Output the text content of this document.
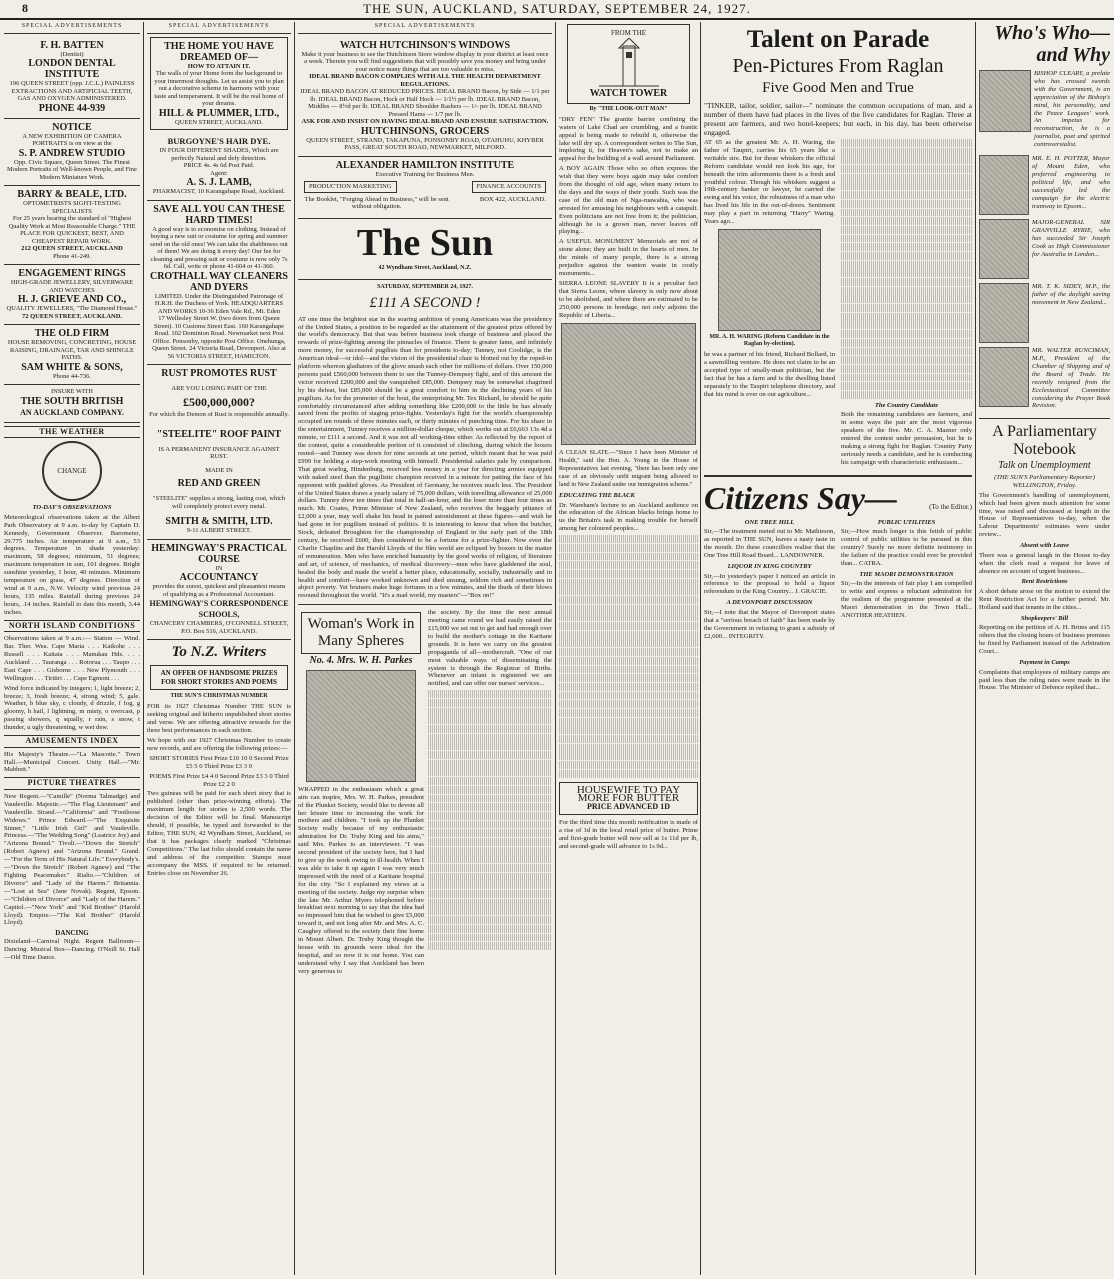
8	THE SUN, AUCKLAND, SATURDAY, SEPTEMBER 24, 1927.
SPECIAL ADVERTISEMENTS
F. H. BATTEN
(Dentist)
LONDON DENTAL INSTITUTE
196 QUEEN STREET (opp. J.C.L.) PAINLESS EXTRACTIONS AND ARTIFICIAL TEETH, GAS AND OXYGEN ADMINISTERED.
PHONE 44-939
NOTICE
A NEW EXHIBITION OF CAMERA PORTRAITS is on view at the
S. P. ANDREW STUDIO
Opp. Civic Square, Queen Street. The Finest Modern Portraits of Well-known People, and Fine Modern Miniature Work.
BARRY & BEALE, LTD.
OPTOMETRISTS SIGHT-TESTING SPECIALISTS
For 25 years bearing the standard of "Highest Quality Work at Most Reasonable Charge." THE PLACE FOR QUICKEST, BEST, AND CHEAPEST REPAIR WORK.
212 QUEEN STREET, AUCKLAND
Phone 41-249.
ENGAGEMENT RINGS
HIGH-GRADE JEWELLERY, SILVERWARE AND WATCHES
H. J. GRIEVE AND CO.,
QUALITY JEWELLERS, "The Diamond House."
72 QUEEN STREET, AUCKLAND.
THE OLD FIRM
HOUSE REMOVING, CONCRETING, HOUSE RAISING, DRAINAGE, TAR AND SHINGLE PATHS.
SAM WHITE & SONS,
Phone 44-736.
INSURE WITH
THE SOUTH BRITISH
AN AUCKLAND COMPANY.
THE WEATHER
CHANGE
TO-DAY'S OBSERVATIONS
Meteorological observations taken at the Albert Park Observatory at 9 a.m. to-day by Captain D. Kennedy, Government Observer. Barometer, 29.775 inches. Air temperature at 9 a.m., 53 degrees. Temperature in shade yesterday: maximum, 58 degrees; minimum, 51 degrees; maximum temperature in sun, 101 degrees. Bright sunshine yesterday, 1 hour, 40 minutes. Minimum temperature on grass, 47 degrees. Direction of wind at 9 a.m., N.W. Velocity wind previous 24 hours, 135 miles. Rainfall during previous 24 hours, .14 inches. Rainfall to date this month, 3.44 inches.
NORTH ISLAND CONDITIONS
Observations taken at 9 a.m.:— Station — Wind. Bar. Ther. Wea. Cape Maria . . . Kaikohe . . . Russell . . . Kaitaia . . . Manukau Hds. . . . Auckland . . . Tauranga . . . Rotorua . . . Taupo . . . East Cape . . . Gisborne . . . New Plymouth . . . Wellington . . . Tiritiri . . . Cape Egmont . . .
Wind force indicated by integers; 1, light breeze; 2, breeze; 3, fresh breeze; 4, strong wind; 5, gale. Weather, b blue sky, c cloudy, d drizzle, f fog, g gloomy, h hail, l lightning, m misty, o overcast, p passing showers, q squally, r rain, s snow, t thunder, u ugly threatening, w wet dew.
AMUSEMENTS INDEX
His Majesty's Theatre.—"La Mascotte." Town Hall.—Municipal Concert. Unity Hall.—"Mr. Mabbett."
PICTURE THEATRES
New Regent.—"Camille" (Norma Talmadge) and Vaudeville. Majestic.—"The Flag Lieutenant" and Vaudeville. Strand.—"California" and "Footloose Widows." Prince Edward.—"The Exquisite Sinner," "Little Irish Girl" and Vaudeville. Princess.—"The Wedding Song" (Leatrice Joy) and "Arizona Bound." Tivoli.—"Down the Stretch" (Robert Agnew) and "Arizona Bound." Grand.—"For the Term of His Natural Life." Everybody's.—"Down the Stretch" (Robert Agnew) and "The Fighting Peacemaker." Rialto.—"Children of Divorce" and "Lady of the Harem." Britannia.—"Lost at Sea" (Jane Novak). Regent, Epsom.—"Children of Divorce" and "Lady of the Harem." Capitol.—"New York" and "Kid Brother" (Harold Lloyd). Empire.—"The Kid Brother" (Harold Lloyd).
DANCING
Dixieland—Carnival Night. Regent Ballroom—Dancing. Musical Box—Dancing. O'Neill St. Hall—Old Time Dance.
SPECIAL ADVERTISEMENTS
THE HOME YOU HAVE DREAMED OF—
HOW TO ATTAIN IT.
The walls of your Home form the background to your innermost thoughts. Let us assist you to plan out a decorative scheme in harmony with your taste and temperament. It will be the real home of your dreams.
HILL & PLUMMER, LTD.,
QUEEN STREET, AUCKLAND.
BURGOYNE'S HAIR DYE.
IN FOUR DIFFERENT SHADES, Which are perfectly Natural and defy detection.
PRICE 4s. 4s 6d Post Paid.
Agent:
A. S. J. LAMB,
PHARMACIST, 10 Karangahape Road, Auckland.
SAVE ALL YOU CAN THESE HARD TIMES!
A good way is to economise on clothing. Instead of buying a new suit or costume for spring and summer send on the old ones! We can take the shabbiness out of them! We are doing it every day! Our fee for cleaning and pressing suit or costume is now only 7s 6d. Call, write or phone 41-604 or 41-360.
CROTHALL WAY CLEANERS AND DYERS
LIMITED. Under the Distinguished Patronage of H.R.H. the Duchess of York. HEADQUARTERS AND WORKS 10-36 Eden Vale Rd., Mt. Eden
17 Wellesley Street W. (two doors from Queen Street). 10 Customs Street East. 160 Karangahape Road. 102 Dominion Road. Newmarket next Post Office. Ponsonby, opposite Post Office. Onehunga, Queen Street. 24 Victoria Road, Devonport. Also at 56 VICTORIA STREET, HAMILTON.
RUST PROMOTES RUST
ARE YOU LOSING PART OF THE
£500,000,000?
For which the Demon of Rust is responsible annually.
"STEELITE" ROOF PAINT
IS A PERMANENT INSURANCE AGAINST RUST.
MADE IN
RED AND GREEN
"STEELITE" supplies a strong, lasting coat, which will completely protect every metal.
SMITH & SMITH, LTD.
9-11 ALBERT STREET.
HEMINGWAY'S PRACTICAL COURSE
IN
ACCOUNTANCY
provides the surest, quickest and pleasantest means of qualifying as a Professional Accountant.
HEMINGWAY'S CORRESPONDENCE SCHOOLS,
CHANCERY CHAMBERS, O'CONNELL STREET, P.O. Box 516, AUCKLAND.
To N.Z. Writers
AN OFFER OF HANDSOME PRIZES FOR SHORT STORIES AND POEMS
THE SUN'S CHRISTMAS NUMBER
FOR its 1927 Christmas Number THE SUN is seeking original and hitherto unpublished short stories and verse. We are offering attractive rewards for the three best performances in each section.
We hope with our 1927 Christmas Number to create new records, and are offering the following prizes:—
SHORT STORIES First Prize £10 10 0 Second Prize £5 5 0 Third Prize £3 3 0
POEMS First Prize £4 4 0 Second Prize £3 3 0 Third Prize £2 2 0
Two guineas will be paid for each short story that is published (other than prize-winning efforts). The maximum length for stories is 2,500 words. The decision of the Editor will be final. Manuscript should, if possible, be typed and forwarded to the Editor, THE SUN, 42 Wyndham Street, Auckland, so that it has packages clearly marked "Christmas Competitions." The last folio should contain the name and address of the competitor. Stamps must accompany the MSS. if required to be returned. Entries close on November 26.
SPECIAL ADVERTISEMENTS
WATCH HUTCHINSON'S WINDOWS
Make it your business to see the Hutchinson Store window display in your district at least once a week. Therein you will find suggestions that will possibly save you money and bring under your notice many things that are too valuable to miss.
IDEAL BRAND BACON COMPLIES WITH ALL THE HEALTH DEPARTMENT REGULATIONS.
IDEAL BRAND BACON AT REDUCED PRICES. IDEAL BRAND Bacon, by Side — 1/1 per lb. IDEAL BRAND Bacon, Hock or Half Hock — 1/1½ per lb. IDEAL BRAND Bacon, Middles — 8½d per lb. IDEAL BRAND Shoulder Rashers — 1/- per lb. IDEAL BRAND Pressed Hams — 1/7 per lb.
ASK FOR AND INSIST ON HAVING IDEAL BRAND AND ENSURE SATISFACTION.
HUTCHINSONS, GROCERS
QUEEN STREET, STRAND, TAKAPUNA, PONSONBY ROAD, OTAHUHU, KHYBER PASS, GREAT SOUTH ROAD, NEWMARKET, MILFORD.
ALEXANDER HAMILTON INSTITUTE
Executive Training for Business Men.
PRODUCTION MARKETING	FINANCE ACCOUNTS
The Booklet, "Forging Ahead in Business," will be sent without obligation.
BOX 422, AUCKLAND.
The Sun
42 Wyndham Street, Auckland, N.Z.
SATURDAY, SEPTEMBER 24, 1927.
£111 A SECOND !
AT one time the brightest star in the soaring ambition of young Americans was the presidency of the United States, a position to be regarded as the attainment of the greatest prize offered by the world's democracy. But that was before business took charge of business and placed the rewards of prize-fighting among the pinnacles of finance. There is greater fame, and infinitely more money, for successful pugilists than for presidents to-day; Tunney, not Coolidge, is the American ideal—or idol—and the vision of the presidential chair is blotted out by the roped-in platform whereon gladiators of the glove smash each other for millions of dollars. Over 150,000 persons paid £560,000 between them to see the Tunney-Dempsey fight, and of this amount the victor received £200,000 and the vanquished £85,000. Dempsey may be somewhat chagrined by his defeat, but £85,000 should be a great comfort to him in the declining years of his pugilism. As for the promoter of the bout, the enterprising Mr. Tex Rickard, he should be quite comfortably circumstanced after adding something like £200,000 to the little he has already saved from the profits of staging prize-fights. Yesterday's fight for the world's championship occupied ten rounds of three minutes each, or thirty minutes of punching time. For his share in the entertainment, Tunney receives a million-dollar cheque, which works out at £6,663 13s 4d a minute, or £111 a second. And it was not all working-time either. As reflected by the report of the contest, quite a considerable portion of it consisted of clinching, during which the boxers rested—and Tunney was down for nine seconds at one period, which meant that he was paid £999 for holding a step-work meeting with himself. Presidential salaries pale by comparison. That great warlog, Hindenburg, received less money in a year for directing armies equipped with naked steel than the pugilistic champion received in a minute for patting the face of his opponent with padded gloves. As President of Germany, he receives much less. The President of the United States draws a yearly salary of 75,000 dollars, with travelling allowance of 25,000 dollars. Tunney drew ten times that total in half-an-hour, and the loser more than four times as much. Mr. Coates, Prime Minister of New Zealand, who receives the beggarly pittance of £2,000 a year, may well shake his head in pained astonishment at these figures—and wish he had gone in for pugilism instead of politics. It is interesting to know that when the butcher, Stock, defeated Broughton for the championship of England in the early part of the 18th century, he received £600, then considered to be a fortune for a prize-fighter. Now even the Charlie Chaplins and the Harold Lloyds of the film world are eclipsed by boxers in the matter of remuneration. Men who have enriched humanity by the good works of religion, of literature and art, of science, of mechanics, of medical discovery—men who have gladdened the soul, healed the body and made the world a better place, educationally, socially, industrially and in health and comfort—have worked unknown and died unsung, seldom rich and sometimes in abject poverty. Yet bruisers make huge fortunes in a few minutes, and the thuds of their blows resound throughout the world. "It's a mad world, my masters"—"Box on!"
Woman's Work in Many Spheres
No. 4. Mrs. W. H. Parkes
WRAPPED in the enthusiasm which a great aim can inspire, Mrs. W. H. Parkes, president of the Plunket Society, would like to devote all her leisure time to increasing the work for mothers and children. "I took up the Plunket Society really because of my enthusiastic admiration for Dr. Truby King and his aims," said Mrs. Parkes to an interviewer. "I was second president of the society here, but I had to give up the work owing to ill-health. When I was able to take it up again I was very much impressed with the need of a Karitane hospital for the city. "So I explained my views at a meeting of the society. Judge my surprise when the late Mr. Arthur Myers telephoned before breakfast next morning to say that the idea had so impressed him that he wished to give £5,000 toward it, and not long after Mr. and Mrs. A. C. Caughey offered to the society their fine home in Mount Albert. Dr. Truby King thought the house with its grounds were ideal for the hospital, and so now it is our home. You can understand why I say that Auckland has been very generous to
the society. By the time the next annual meeting came round we had easily raised the £15,000 we set out to get and had enough over to build the mother's cottage in the Karitane grounds. It is here we carry on the greatest propaganda of all—mothercraft. "One of our most valuable ways of disseminating the system is through the Registrar of Births. Whenever an infant is registered we are notified, and can offer our nurses' services...
FROM THE
WATCH TOWER
By "THE LOOK-OUT MAN"
"DRY FEN" The granite barrier confining the waters of Lake Chad are crumbling, and a frantic appeal is being made to rebuild it, otherwise the lake will dry up. A correspondent writes to The Sun, imploring it, for Heaven's sake, not to make an appeal for the building of a wall around Parliament.
A BOY AGAIN Those who so often express the wish that they were boys again may take comfort from the thought of old age, when many return to the days and the ways of their youth. Such was the case of the old man of Nga-ruawahia, who was arrested for amusing his neighbours with a catapult. Even politicians are not free from it; the politician, although he is a grown man, never leaves off playing...
A USEFUL MONUMENT Memorials are not of stone alone; they are built in the hearts of men. In the minds of many people, there is a strong prejudice against the wanton waste in costly monuments...
SIERRA LEONE SLAVERY It is a peculiar fact that Sierra Leone, where slavery is only now about to be abolished, and where there are estimated to be 250,000 persons in bondage, not only adjoins the Republic of Liberia...
A CLEAN SLATE.—"Since I have been Minister of Health," said the Hon. A. Young in the House of Representatives last evening, "there has been only one case of an obviously unfit migrant being allowed to land in New Zealand under our immigration scheme."
EDUCATING THE BLACK
Dr. Wareham's lecture to an Auckland audience on the education of the African blacks brings home to us the Britain's task in making trouble for herself among her coloured peoples...
HOUSEWIFE TO PAY MORE FOR BUTTER
PRICE ADVANCED 1D
For the third time this month notification is made of a rise of 1d in the local retail price of butter. Prime and first-grade butter will now sell at 1s 11d per lb, and second-grade will advance to 1s 9d...
Talent on Parade
Pen-Pictures From Raglan
Five Good Men and True
"TINKER, tailor, soldier, sailor—" nominate the common occupations of man, and a number of them have had places in the lives of the five candidates for Raglan. Three at present are farmers, and two hotel-keepers; but each, in his day, has been otherwise engaged.
AT 65 as the greatest Mr. A. H. Waring, the father of Taupiri, carries his 65 years like a veritable sire. But for those whiskers the official Reform candidate would not look his age, for beneath the trim adornments there is a fresh and youthful colour. Though his whiskers suggest a 19th-century banker or lawyer, he carried the swing and his voice, the robustness of a man who has lived his life in the out-of-doors. Sentiment may play a part in returning "Harry" Waring. Years ago...
MR. A. H. WARING (Reform Candidate in the Raglan by-election).
he was a partner of his friend, Richard Bollard, in a sawmilling venture. He does not claim to be an accepted type of smally-man politician, but the fact that he has a farm and is the dwelling listed separately to the Taupiri telephone directory, and that his mind is ever on our agriculture...
The Country Candidate
Both the remaining candidates are farmers, and in some ways the pair are the most vigorous speakers of the five. Mr. C. A. Mazner only entered the contest under persuasion, but he is making a strong fight for Raglan. Country Party seriously needs a candidate, and he is conducting his campaign with characteristic enthusiasm...
Citizens Say—	(To the Editor.)
ONE TREE HILL
Sir,—The treatment meted out to Mr. Mathieson, as reported in THE SUN, leaves a nasty taste in the mouth. Do these councillors realise that the One Tree Hill Road Board... LANDOWNER.
LIQUOR IN KING COUNTRY
Sir,—In yesterday's paper I noticed an article in reference to the proposal to hold a liquor referendum in the King Country... J. GRACIE.
A DEVONPORT DISCUSSION
Sir,—I note that the Mayor of Devonport states that a "serious breach of faith" has been made by the Government in refusing to grant a subsidy of £2,600... INTEGRITY.
PUBLIC UTILITIES
Sir,—How much longer is this fetish of public control of public utilities to be pursued in this country? Surely no more definite testimony to the failure of the practice could ever be provided than... CATRA.
THE MAORI DEMONSTRATION
Sir,—In the interests of fair play I am compelled to write and express a reluctant admiration for the realism of the programme presented at the Maori demonstration in the Town Hall... ANOTHER HEATHEN.
Who's Who—and Why
BISHOP CLEARY, a prelate who has crossed swords with the Government, is an appreciation of the Bishop's mind, his personality, and the Peace Leagues' work. An impetus for reconstruction, he is a journalist, poet and spirited controversialist.
MR. E. H. POTTER, Mayor of Mount Eden, who preferred engineering to political life, and who successfully led the campaign for the electric tramway to Epsom...
MAJOR-GENERAL SIR GRANVILLE RYRIE, who has succeeded Sir Joseph Cook as High Commissioner for Australia in London...
MR. T. K. SIDEY, M.P., the father of the daylight saving movement in New Zealand...
MR. WALTER RUNCIMAN, M.P., President of the Chamber of Shipping and of the Board of Trade. He recently resigned from the Ecclesiastical Committee considering the Prayer Book Revision.
A Parliamentary Notebook
Talk on Unemployment
(THE SUN'S Parliamentary Reporter) WELLINGTON, Friday.
The Government's handling of unemployment, which had been given much attention for some time, was raised and discussed at length in the House of Representatives to-day, when the Labour Departments' estimates were under review...
Absent with Leave
There was a general laugh in the House to-day when the clerk read a request for leave of absence on account of urgent business...
Rent Restrictions
A short debate arose on the motion to extend the Rent Restriction Act for a further period. Mr. Holland said that tenants in the cities...
Shopkeepers' Bill
Reporting on the petition of A. H. Brims and 115 others that the closing hours of business premises be fixed by Parliament instead of the Arbitration Court...
Payment in Camps
Complaints that employees of military camps are paid less than the ruling rates were made in the House. The Minister of Defence replied that...
